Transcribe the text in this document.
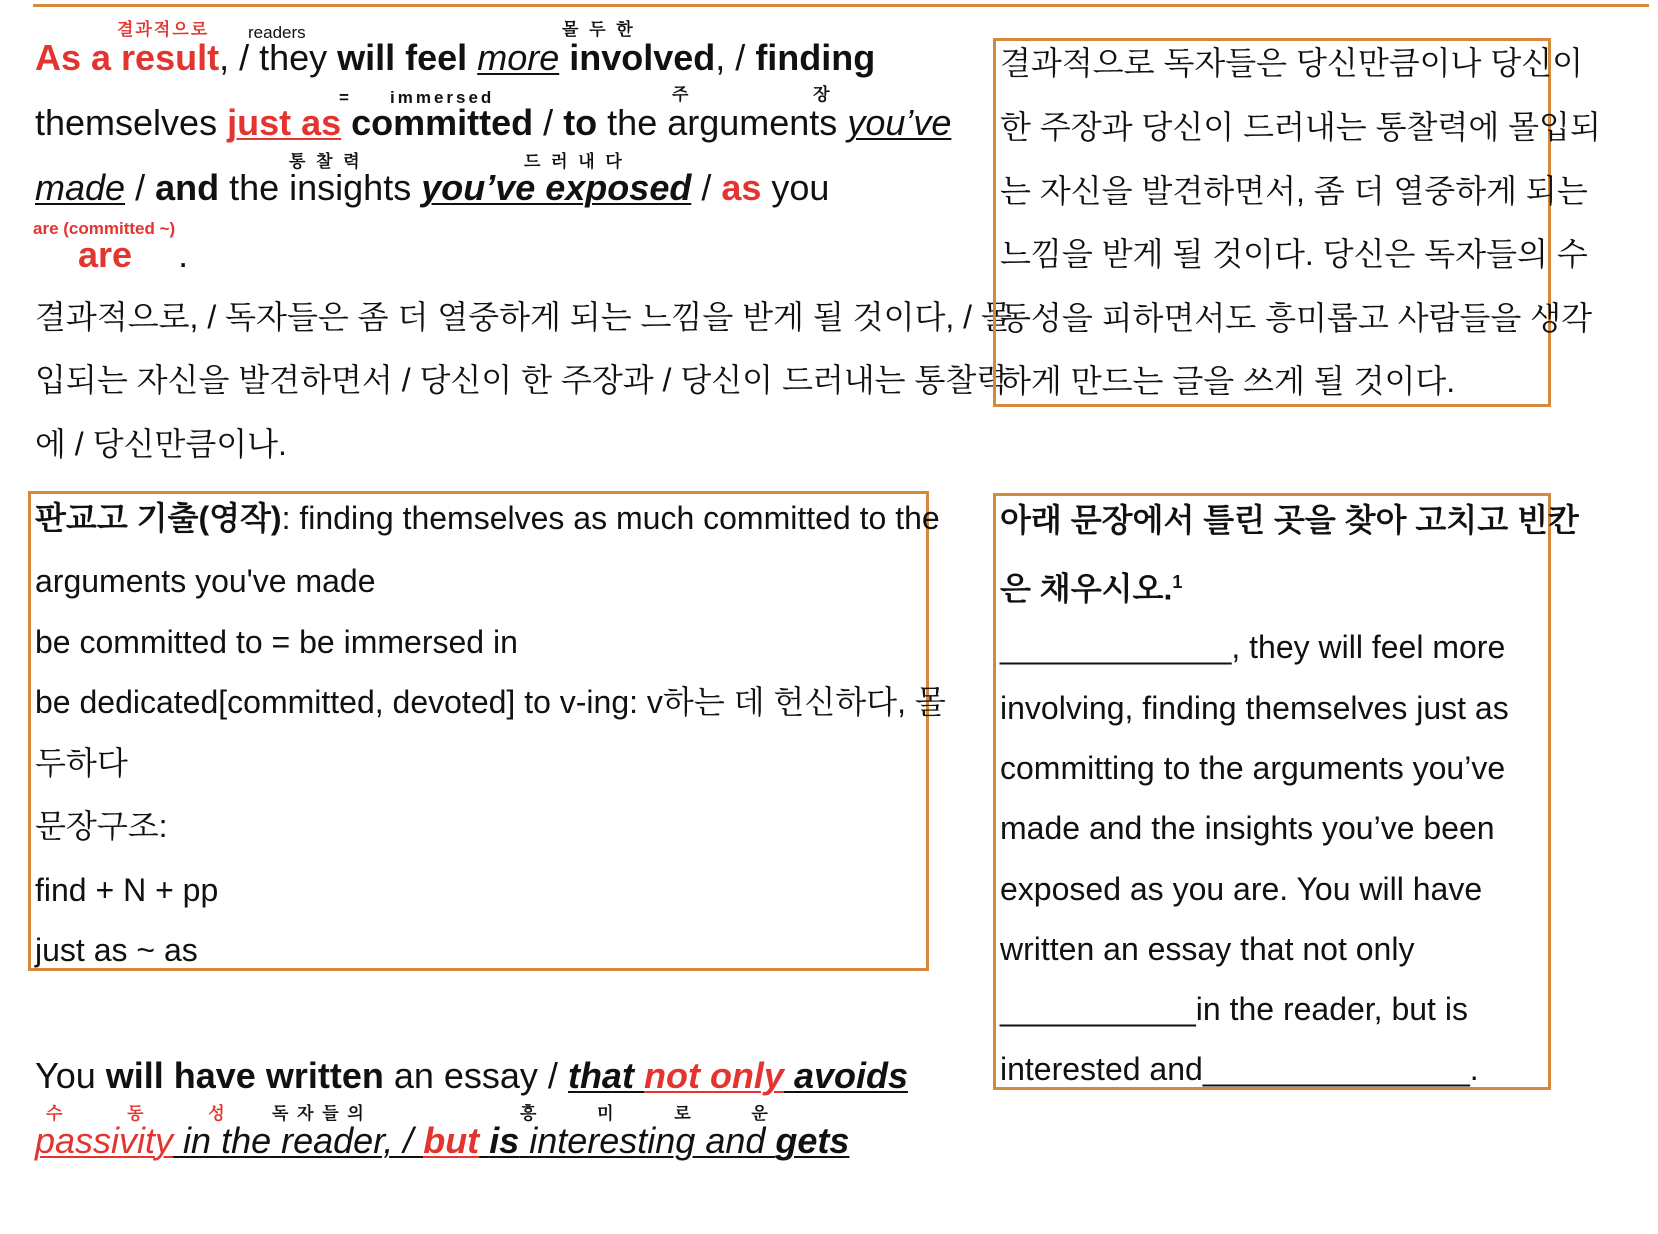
결과적으로 readers	몰 두 한
= immersed	주 장
통 찰 력	드 러 내 다
are (committed ~)
As a result, / they will feel more involved, / finding
themselves just as committed / to the arguments you’ve
made / and the insights you’ve exposed / as you
are .
결과적으로, / 독자들은 좀 더 열중하게 되는 느낌을 받게 될 것이다, / 몰
입되는 자신을 발견하면서 / 당신이 한 주장과 / 당신이 드러내는 통찰력
에 / 당신만큼이나.
판교고 기출(영작): finding themselves as much committed to the
arguments you've made
be committed to = be immersed in
be dedicated[committed, devoted] to v-ing: v하는 데 헌신하다, 몰
두하다
문장구조:
find + N + pp
just as ~ as
You will have written an essay / that not only avoids
수 동 성 독 자 들 의	흥 미 로 운
passivity in the reader, / but is interesting and gets
결과적으로 독자들은 당신만큼이나 당신이
한 주장과 당신이 드러내는 통찰력에 몰입되
는 자신을 발견하면서, 좀 더 열중하게 되는
느낌을 받게 될 것이다. 당신은 독자들의 수
동성을 피하면서도 흥미롭고 사람들을 생각
하게 만드는 글을 쓰게 될 것이다.
아래 문장에서 틀린 곳을 찾아 고치고 빈칸
은 채우시오.$^1$
_____________, they will feel more
involving, finding themselves just as
committing to the arguments you’ve
made and the insights you’ve been
exposed as you are. You will have
written an essay that not only
___________in the reader, but is
interested and_______________.
